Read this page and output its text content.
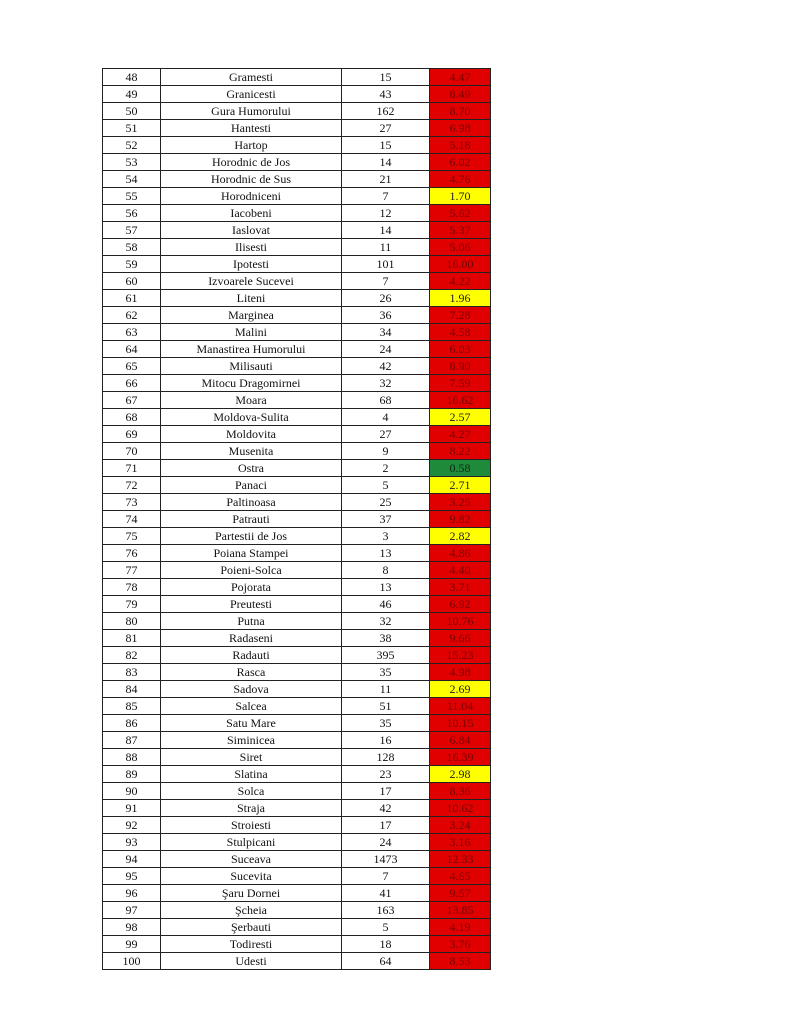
48	Gramesti	15	4.47
49	Granicesti	43	8.49
50	Gura Humorului	162	8.70
51	Hantesti	27	6.98
52	Hartop	15	5.18
53	Horodnic de Jos	14	6.02
54	Horodnic de Sus	21	4.76
55	Horodniceni	7	1.70
56	Iacobeni	12	5.62
57	Iaslovat	14	5.37
58	Ilisesti	11	5.06
59	Ipotesti	101	16.00
60	Izvoarele Sucevei	7	4.22
61	Liteni	26	1.96
62	Marginea	36	7.28
63	Malini	34	4.58
64	Manastirea Humorului	24	6.03
65	Milisauti	42	8.90
66	Mitocu Dragomirnei	32	7.59
67	Moara	68	16.62
68	Moldova-Sulita	4	2.57
69	Moldovita	27	4.27
70	Musenita	9	8.22
71	Ostra	2	0.58
72	Panaci	5	2.71
73	Paltinoasa	25	3.25
74	Patrauti	37	9.82
75	Partestii de Jos	3	2.82
76	Poiana Stampei	13	4.86
77	Poieni-Solca	8	4.40
78	Pojorata	13	3.71
79	Preutesti	46	6.92
80	Putna	32	10.76
81	Radaseni	38	9.66
82	Radauti	395	15.23
83	Rasca	35	4.98
84	Sadova	11	2.69
85	Salcea	51	11.04
86	Satu Mare	35	10.15
87	Siminicea	16	6.84
88	Siret	128	16.39
89	Slatina	23	2.98
90	Solca	17	8.36
91	Straja	42	10.62
92	Stroiesti	17	3.24
93	Stulpicani	24	3.16
94	Suceava	1473	12.33
95	Sucevita	7	4.65
96	Şaru Dornei	41	9.57
97	Şcheia	163	13.85
98	Şerbauti	5	4.19
99	Todiresti	18	3.76
100	Udesti	64	8.53
